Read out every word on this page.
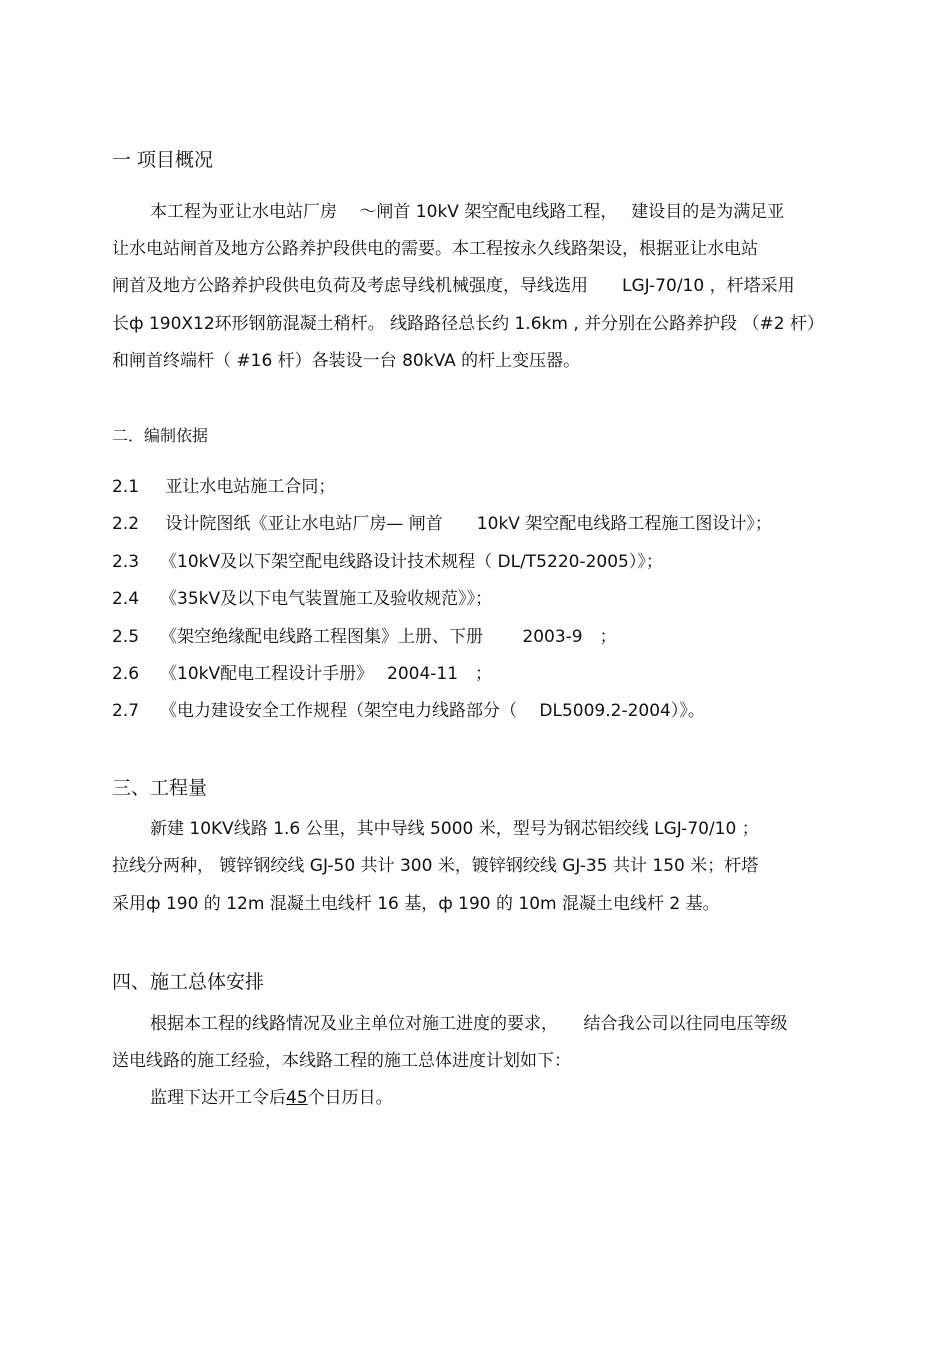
一 项目概况
本工程为亚让水电站厂房　 ～闸首 10kV 架空配电线路工程，　 建设目的是为满足亚
让水电站闸首及地方公路养护段供电的需要。本工程按永久线路架设，根据亚让水电站
闸首及地方公路养护段供电负荷及考虑导线机械强度，导线选用　　LGJ-70/10 ，杆塔采用
长ф 190X12环形钢筋混凝土稍杆。 线路路径总长约 1.6km , 并分别在公路养护段 （#2 杆）
和闸首终端杆（ #16 杆）各装设一台 80kVA 的杆上变压器。
二．编制依据
2.1 亚让水电站施工合同；
2.2 设计院图纸《亚让水电站厂房— 闸首　　10kV 架空配电线路工程施工图设计》；
2.3 《10kV及以下架空配电线路设计技术规程（ DL/T5220-2005）》；
2.4 《35kV及以下电气装置施工及验收规范》》；
2.5 《架空绝缘配电线路工程图集》上册、下册　　 2003-9　；
2.6 《10kV配电工程设计手册》　 2004-11　；
2.7 《电力建设安全工作规程（架空电力线路部分（　 DL5009.2-2004）》。
三、工程量
新建 10KV线路 1.6 公里，其中导线 5000 米，型号为钢芯铝绞线 LGJ-70/10 ；
拉线分两种， 镀锌钢绞线 GJ-50 共计 300 米，镀锌钢绞线 GJ-35 共计 150 米；杆塔
采用ф 190 的 12m 混凝土电线杆 16 基，ф 190 的 10m 混凝土电线杆 2 基。
四、施工总体安排
根据本工程的线路情况及业主单位对施工进度的要求，　　结合我公司以往同电压等级
送电线路的施工经验，本线路工程的施工总体进度计划如下：
监理下达开工令后45个日历日。
